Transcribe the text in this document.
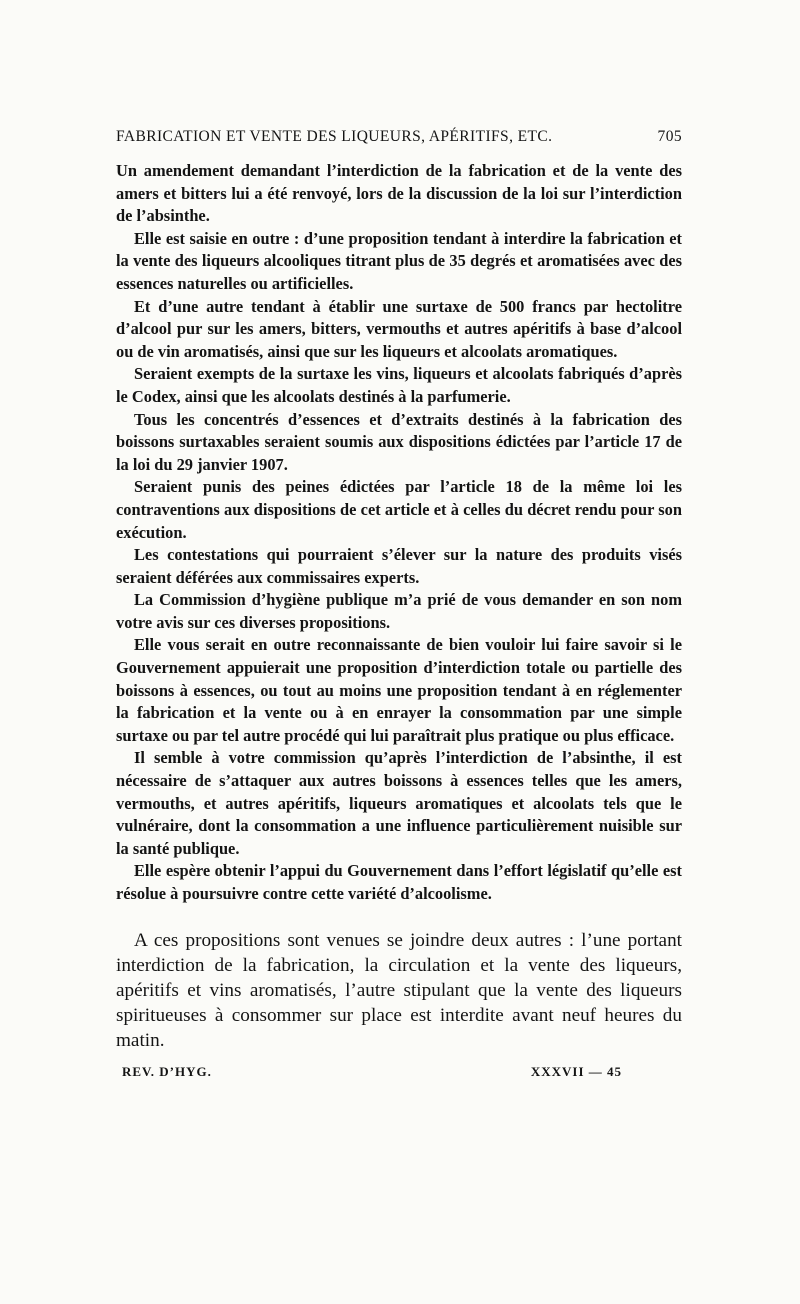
FABRICATION ET VENTE DES LIQUEURS, APÉRITIFS, ETC.	705

Un amendement demandant l’interdiction de la fabrication et de la vente des amers et bitters lui a été renvoyé, lors de la discussion de la loi sur l’interdiction de l’absinthe.

Elle est saisie en outre : d’une proposition tendant à interdire la fabrication et la vente des liqueurs alcooliques titrant plus de 35 degrés et aromatisées avec des essences naturelles ou artificielles.

Et d’une autre tendant à établir une surtaxe de 500 francs par hectolitre d’alcool pur sur les amers, bitters, vermouths et autres apéritifs à base d’alcool ou de vin aromatisés, ainsi que sur les liqueurs et alcoolats aromatiques.

Seraient exempts de la surtaxe les vins, liqueurs et alcoolats fabriqués d’après le Codex, ainsi que les alcoolats destinés à la parfumerie.

Tous les concentrés d’essences et d’extraits destinés à la fabrication des boissons surtaxables seraient soumis aux dispositions édictées par l’article 17 de la loi du 29 janvier 1907.

Seraient punis des peines édictées par l’article 18 de la même loi les contraventions aux dispositions de cet article et à celles du décret rendu pour son exécution.

Les contestations qui pourraient s’élever sur la nature des produits visés seraient déférées aux commissaires experts.

La Commission d’hygiène publique m’a prié de vous demander en son nom votre avis sur ces diverses propositions.

Elle vous serait en outre reconnaissante de bien vouloir lui faire savoir si le Gouvernement appuierait une proposition d’interdiction totale ou partielle des boissons à essences, ou tout au moins une proposition tendant à en réglementer la fabrication et la vente ou à en enrayer la consommation par une simple surtaxe ou par tel autre procédé qui lui paraîtrait plus pratique ou plus efficace.

Il semble à votre commission qu’après l’interdiction de l’absinthe, il est nécessaire de s’attaquer aux autres boissons à essences telles que les amers, vermouths, et autres apéritifs, liqueurs aromatiques et alcoolats tels que le vulnéraire, dont la consommation a une influence particulièrement nuisible sur la santé publique.

Elle espère obtenir l’appui du Gouvernement dans l’effort législatif qu’elle est résolue à poursuivre contre cette variété d’alcoolisme.

A ces propositions sont venues se joindre deux autres : l’une portant interdiction de la fabrication, la circulation et la vente des liqueurs, apéritifs et vins aromatisés, l’autre stipulant que la vente des liqueurs spiritueuses à consommer sur place est interdite avant neuf heures du matin.

REV. D’HYG.	XXXVII — 45
